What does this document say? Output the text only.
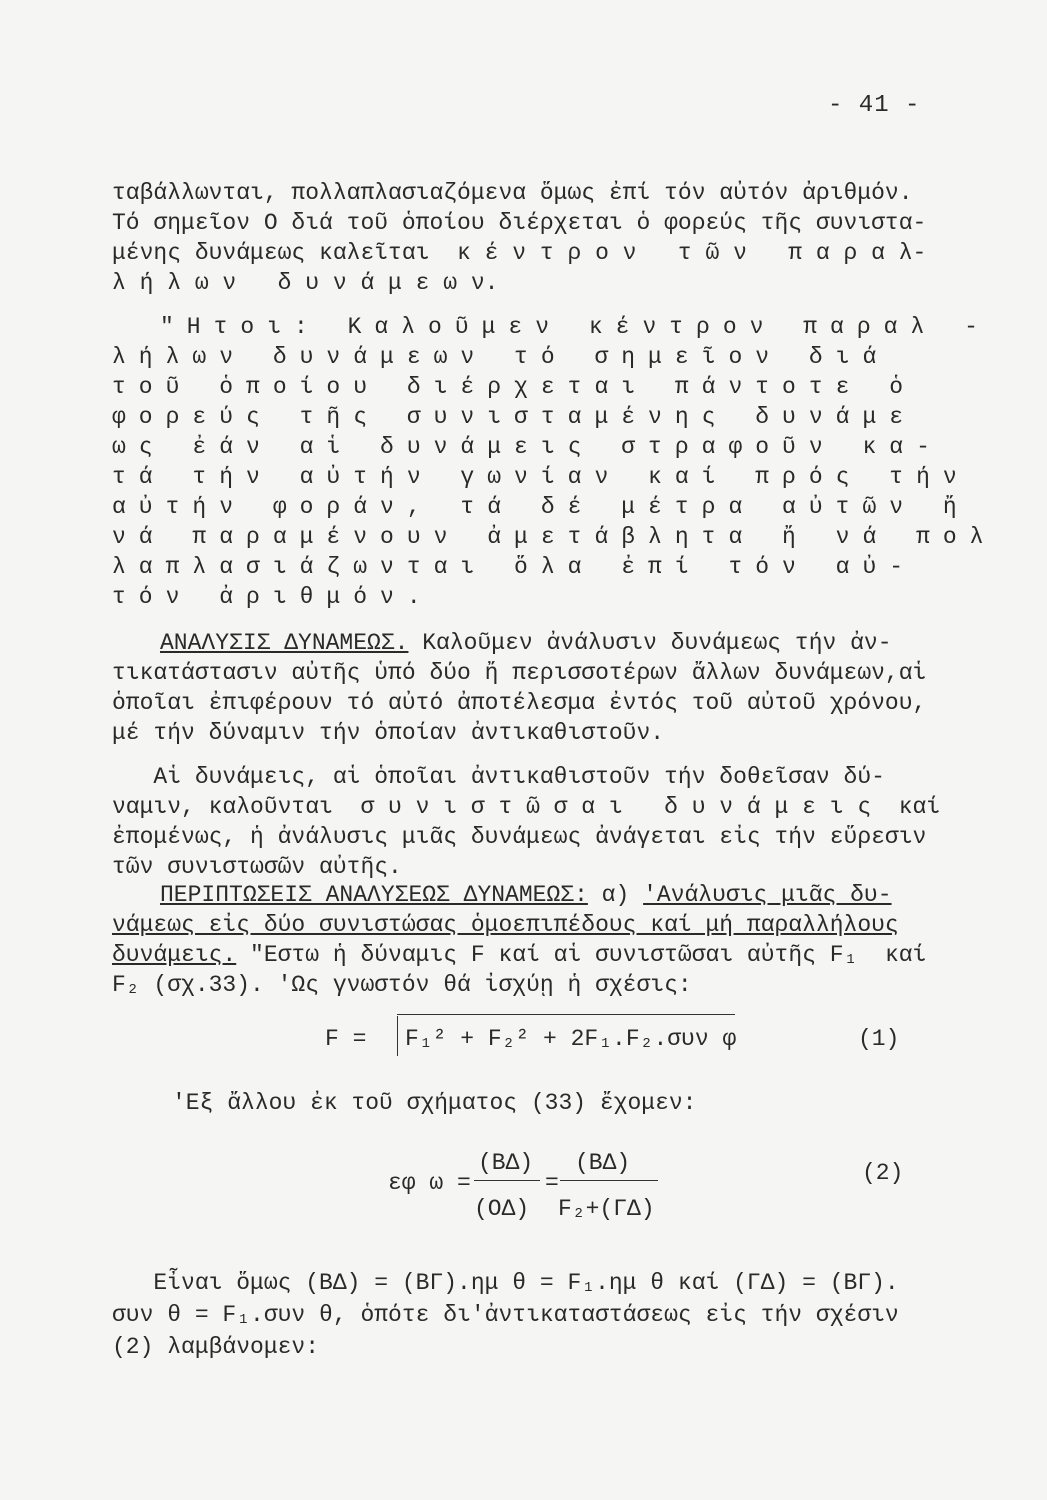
- 41 -
ταβάλλωνται, πολλαπλασιαζόμενα ὅμως ἐπί τόν αὐτόν ἀριθμόν.
Τό σημεῖον Ο διά τοῦ ὁποίου διέρχεται ὁ φορεύς τῆς συνιστα-
μένης δυνάμεως καλεῖται  κ έ ν τ ρ ο ν   τ ῶ ν   π α ρ α λ-
λ ή λ ω ν   δ υ ν ά μ ε ω ν.
"Ητοι: Καλοῦμεν κέντρον παραλ -
λήλων δυνάμεων τό σημεῖον διά
τοῦ ὁποίου διέρχεται πάντοτε ὁ
φορεύς τῆς συνισταμένης δυνάμε
ως ἐάν αἱ δυνάμεις στραφοῦν κα-
τά τήν αὐτήν γωνίαν καί πρός τήν
αὐτήν φοράν, τά δέ μέτρα αὐτῶν ἤ
νά παραμένουν ἀμετάβλητα ἤ νά πολ
λαπλασιάζωνται ὅλα ἐπί τόν αὐ-
τόν ἀριθμόν.
ΑΝΑΛΥΣΙΣ ΔΥΝΑΜΕΩΣ. Καλοῦμεν ἀνάλυσιν δυνάμεως τήν ἀν-
τικατάστασιν αὐτῆς ὑπό δύο ἤ περισσοτέρων ἄλλων δυνάμεων,αἱ
ὁποῖαι ἐπιφέρουν τό αὐτό ἀποτέλεσμα ἐντός τοῦ αὐτοῦ χρόνου,
μέ τήν δύναμιν τήν ὁποίαν ἀντικαθιστοῦν.
Αἱ δυνάμεις, αἱ ὁποῖαι ἀντικαθιστοῦν τήν δοθεῖσαν δύ-
ναμιν, καλοῦνται  σ υ ν ι σ τ ῶ σ α ι   δ υ ν ά μ ε ι ς  καί
ἐπομένως, ἡ ἀνάλυσις μιᾶς δυνάμεως ἀνάγεται εἰς τήν εὕρεσιν
τῶν συνιστωσῶν αὐτῆς.
ΠΕΡΙΠΤΩΣΕΙΣ ΑΝΑΛΥΣΕΩΣ ΔΥΝΑΜΕΩΣ: α) 'Ανάλυσις μιᾶς δυ-
νάμεως εἰς δύο συνιστώσας ὁμοεπιπέδους καί μή παραλλήλους
δυνάμεις. "Εστω ἡ δύναμις F καί αἱ συνιστῶσαι αὐτῆς F₁  καί
F₂ (σχ.33). 'Ως γνωστόν θά ἰσχύῃ ἡ σχέσις:
F = F₁² + F₂² + 2F₁.F₂.συν φ	(1)
'Εξ ἄλλου ἐκ τοῦ σχήματος (33) ἔχομεν:
εφ ω =
(ΒΔ)
(ΟΔ)
=
(ΒΔ)
F₂+(ΓΔ)
(2)
Εἶναι ὅμως (ΒΔ) = (ΒΓ).ημ θ = F₁.ημ θ καί (ΓΔ) = (ΒΓ).
συν θ = F₁.συν θ, ὁπότε δι'ἀντικαταστάσεως εἰς τήν σχέσιν
(2) λαμβάνομεν:
